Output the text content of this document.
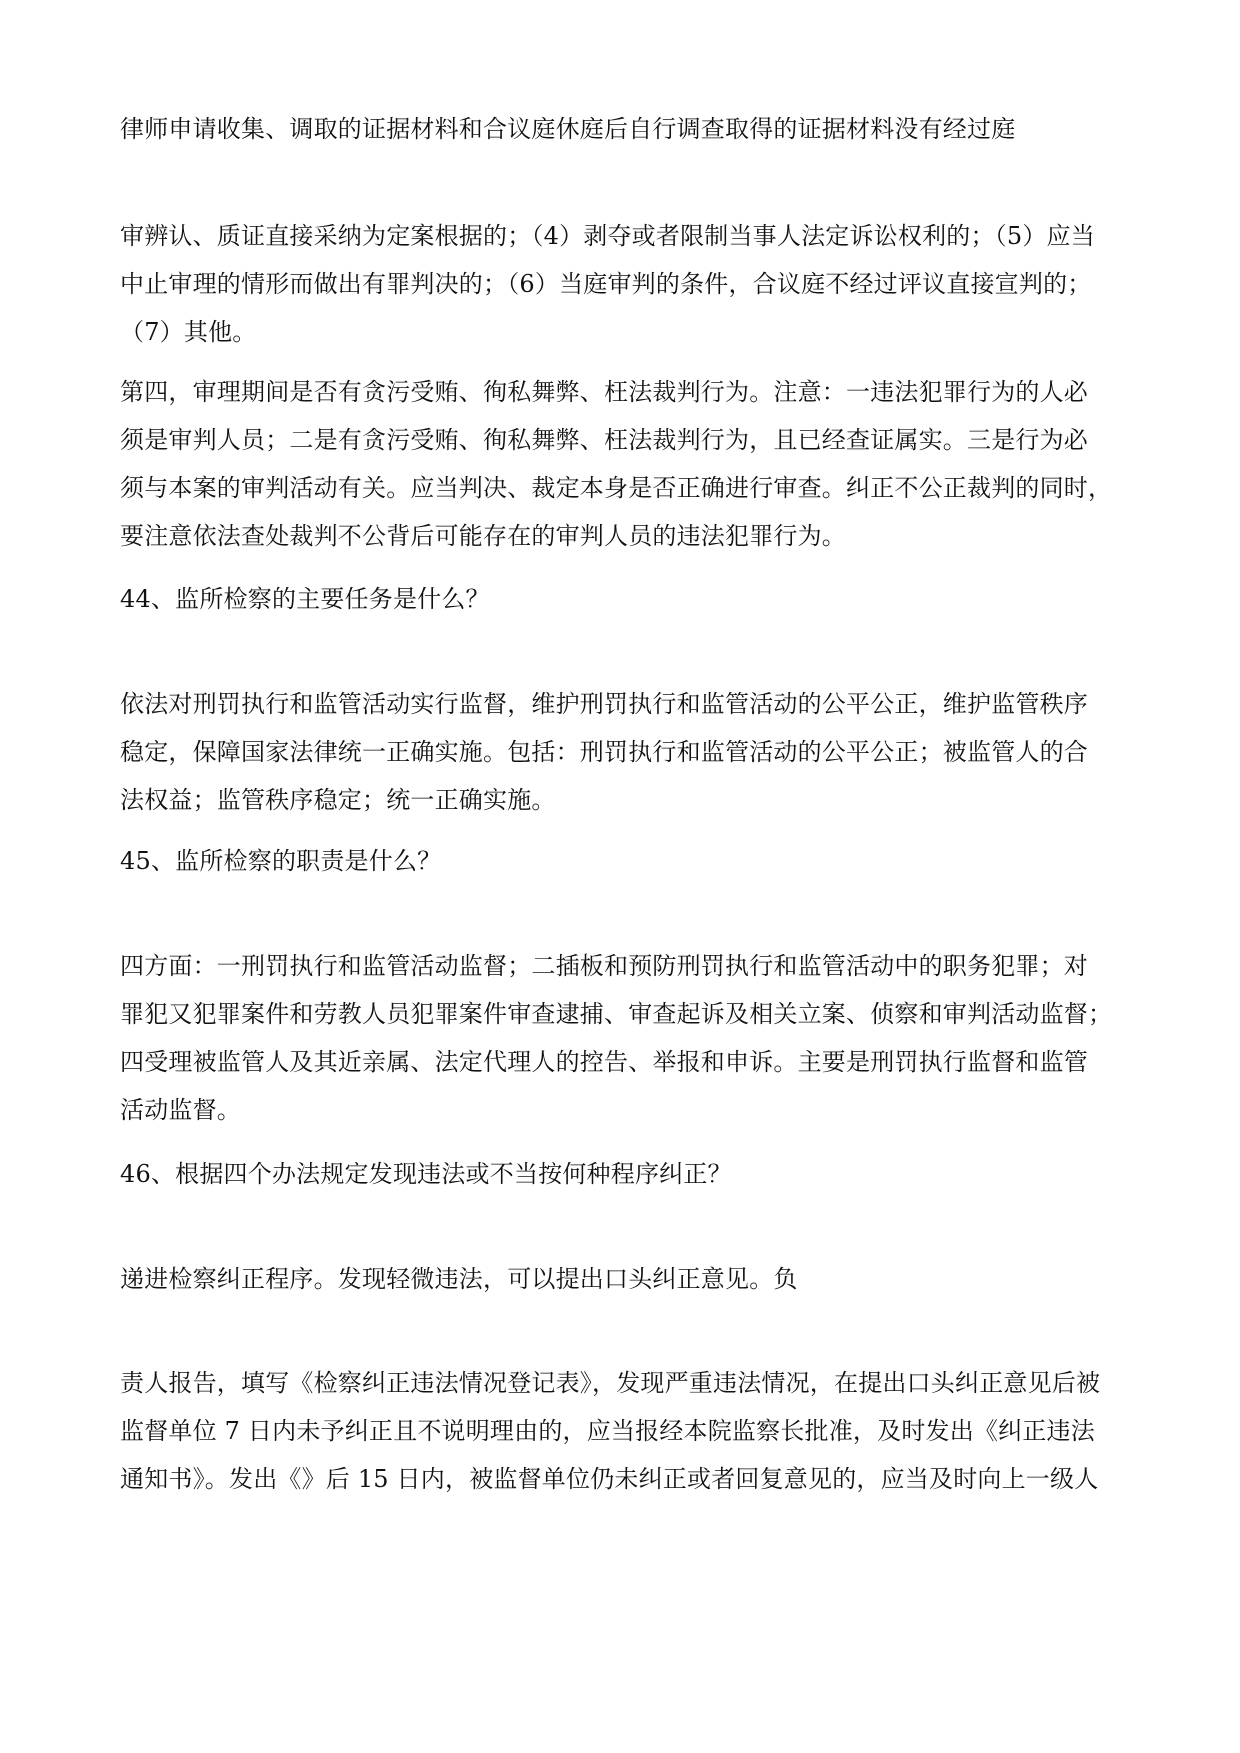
律师申请收集、调取的证据材料和合议庭休庭后自行调查取得的证据材料没有经过庭
审辨认、质证直接采纳为定案根据的；（4）剥夺或者限制当事人法定诉讼权利的；（5）应当
中止审理的情形而做出有罪判决的；（6）当庭审判的条件，合议庭不经过评议直接宣判的；
（7）其他。
第四，审理期间是否有贪污受贿、徇私舞弊、枉法裁判行为。注意：一违法犯罪行为的人必
须是审判人员；二是有贪污受贿、徇私舞弊、枉法裁判行为，且已经查证属实。三是行为必
须与本案的审判活动有关。应当判决、裁定本身是否正确进行审查。纠正不公正裁判的同时，
要注意依法查处裁判不公背后可能存在的审判人员的违法犯罪行为。
44、监所检察的主要任务是什么？
依法对刑罚执行和监管活动实行监督，维护刑罚执行和监管活动的公平公正，维护监管秩序
稳定，保障国家法律统一正确实施。包括：刑罚执行和监管活动的公平公正；被监管人的合
法权益；监管秩序稳定；统一正确实施。
45、监所检察的职责是什么？
四方面：一刑罚执行和监管活动监督；二插板和预防刑罚执行和监管活动中的职务犯罪；对
罪犯又犯罪案件和劳教人员犯罪案件审查逮捕、审查起诉及相关立案、侦察和审判活动监督；
四受理被监管人及其近亲属、法定代理人的控告、举报和申诉。主要是刑罚执行监督和监管
活动监督。
46、根据四个办法规定发现违法或不当按何种程序纠正？
递进检察纠正程序。发现轻微违法，可以提出口头纠正意见。负
责人报告，填写《检察纠正违法情况登记表》，发现严重违法情况，在提出口头纠正意见后被
监督单位 7 日内未予纠正且不说明理由的，应当报经本院监察长批准，及时发出《纠正违法
通知书》。发出《》后 15 日内，被监督单位仍未纠正或者回复意见的，应当及时向上一级人
